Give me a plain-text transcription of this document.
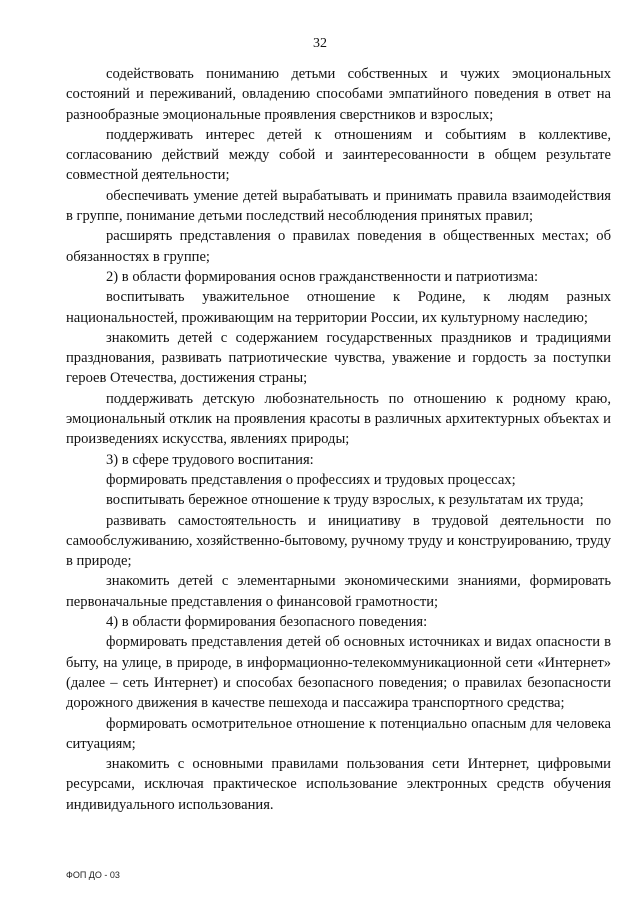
32

содействовать пониманию детьми собственных и чужих эмоциональных состояний и переживаний, овладению способами эмпатийного поведения в ответ на разнообразные эмоциональные проявления сверстников и взрослых;

поддерживать интерес детей к отношениям и событиям в коллективе, согласованию действий между собой и заинтересованности в общем результате совместной деятельности;

обеспечивать умение детей вырабатывать и принимать правила взаимодействия в группе, понимание детьми последствий несоблюдения принятых правил;

расширять представления о правилах поведения в общественных местах; об обязанностях в группе;

2) в области формирования основ гражданственности и патриотизма:

воспитывать уважительное отношение к Родине, к людям разных национальностей, проживающим на территории России, их культурному наследию;

знакомить детей с содержанием государственных праздников и традициями празднования, развивать патриотические чувства, уважение и гордость за поступки героев Отечества, достижения страны;

поддерживать детскую любознательность по отношению к родному краю, эмоциональный отклик на проявления красоты в различных архитектурных объектах и произведениях искусства, явлениях природы;

3) в сфере трудового воспитания:

формировать представления о профессиях и трудовых процессах;

воспитывать бережное отношение к труду взрослых, к результатам их труда;

развивать самостоятельность и инициативу в трудовой деятельности по самообслуживанию, хозяйственно-бытовому, ручному труду и конструированию, труду в природе;

знакомить детей с элементарными экономическими знаниями, формировать первоначальные представления о финансовой грамотности;

4) в области формирования безопасного поведения:

формировать представления детей об основных источниках и видах опасности в быту, на улице, в природе, в информационно-телекоммуникационной сети «Интернет» (далее – сеть Интернет) и способах безопасного поведения; о правилах безопасности дорожного движения в качестве пешехода и пассажира транспортного средства;

формировать осмотрительное отношение к потенциально опасным для человека ситуациям;

знакомить с основными правилами пользования сети Интернет, цифровыми ресурсами, исключая практическое использование электронных средств обучения индивидуального использования.

ФОП ДО - 03
